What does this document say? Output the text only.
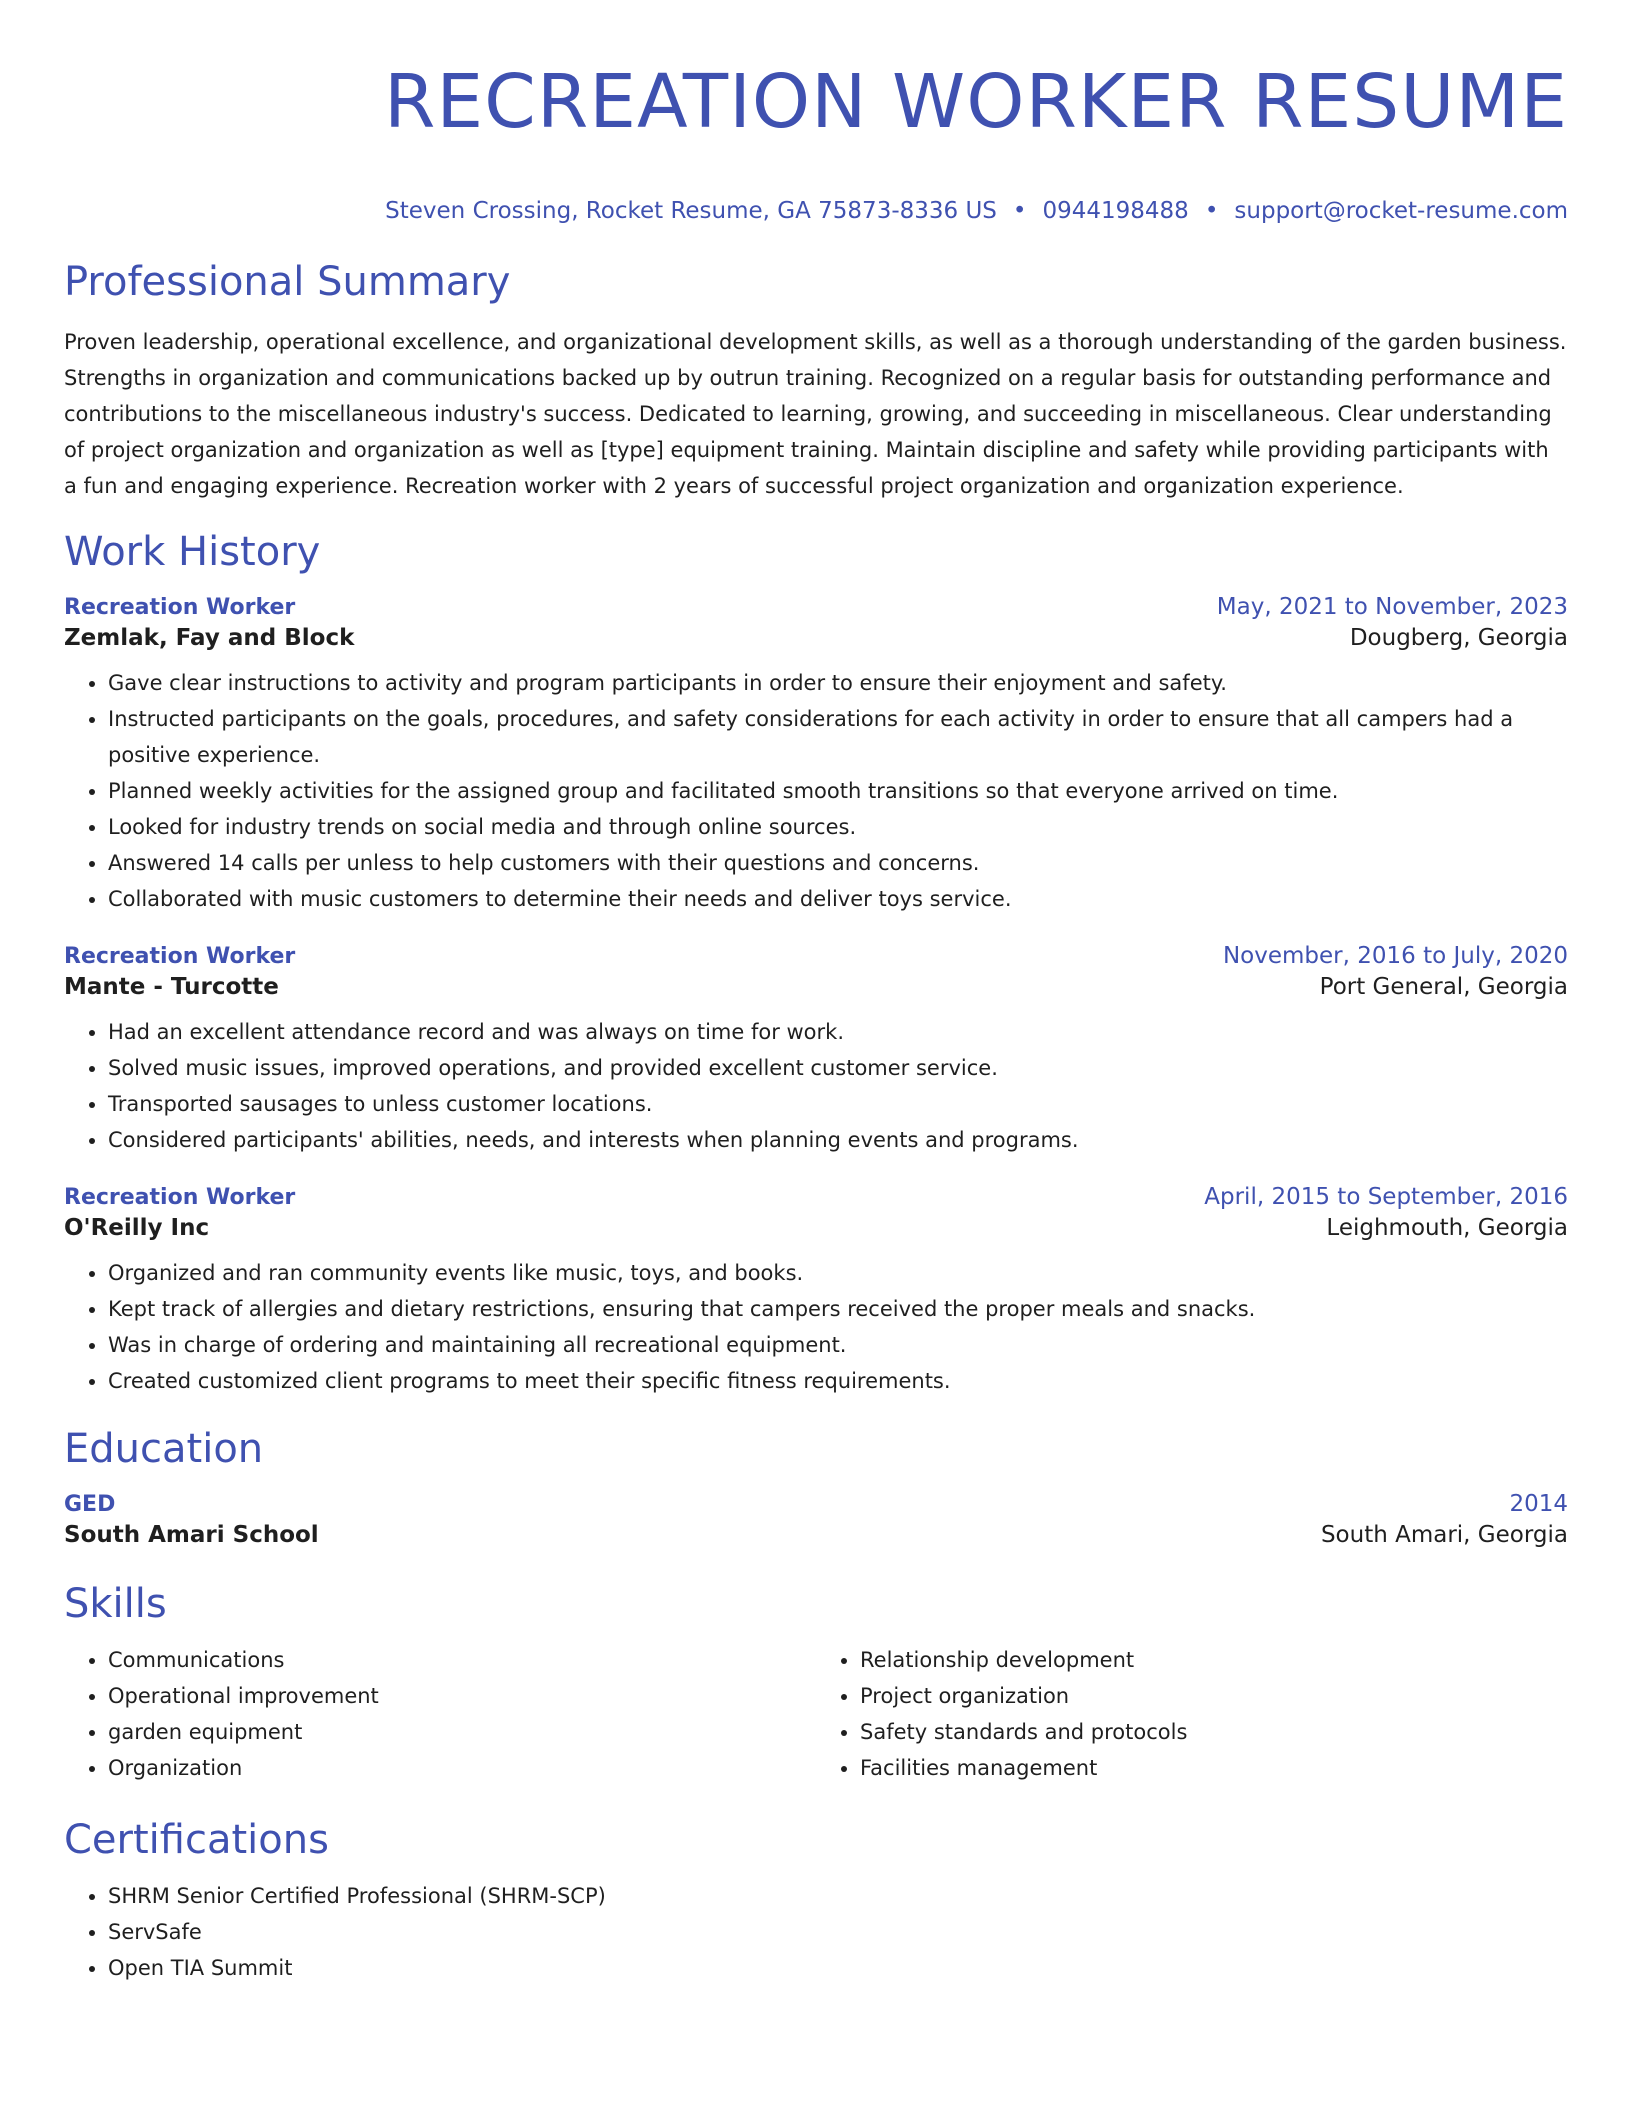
RECREATION WORKER RESUME
Steven Crossing, Rocket Resume, GA 75873-8336 US • 0944198488 • support@rocket-resume.com
Professional Summary
Proven leadership, operational excellence, and organizational development skills, as well as a thorough understanding of the garden business. Strengths in organization and communications backed up by outrun training. Recognized on a regular basis for outstanding performance and contributions to the miscellaneous industry's success. Dedicated to learning, growing, and succeeding in miscellaneous. Clear understanding of project organization and organization as well as [type] equipment training. Maintain discipline and safety while providing participants with a fun and engaging experience. Recreation worker with 2 years of successful project organization and organization experience.
Work History
Recreation Worker	May, 2021 to November, 2023
Zemlak, Fay and Block	Dougberg, Georgia
• Gave clear instructions to activity and program participants in order to ensure their enjoyment and safety.
• Instructed participants on the goals, procedures, and safety considerations for each activity in order to ensure that all campers had a positive experience.
• Planned weekly activities for the assigned group and facilitated smooth transitions so that everyone arrived on time.
• Looked for industry trends on social media and through online sources.
• Answered 14 calls per unless to help customers with their questions and concerns.
• Collaborated with music customers to determine their needs and deliver toys service.
Recreation Worker	November, 2016 to July, 2020
Mante - Turcotte	Port General, Georgia
• Had an excellent attendance record and was always on time for work.
• Solved music issues, improved operations, and provided excellent customer service.
• Transported sausages to unless customer locations.
• Considered participants' abilities, needs, and interests when planning events and programs.
Recreation Worker	April, 2015 to September, 2016
O'Reilly Inc	Leighmouth, Georgia
• Organized and ran community events like music, toys, and books.
• Kept track of allergies and dietary restrictions, ensuring that campers received the proper meals and snacks.
• Was in charge of ordering and maintaining all recreational equipment.
• Created customized client programs to meet their specific fitness requirements.
Education
GED	2014
South Amari School	South Amari, Georgia
Skills
• Communications
• Operational improvement
• garden equipment
• Organization
• Relationship development
• Project organization
• Safety standards and protocols
• Facilities management
Certifications
• SHRM Senior Certified Professional (SHRM-SCP)
• ServSafe
• Open TIA Summit
